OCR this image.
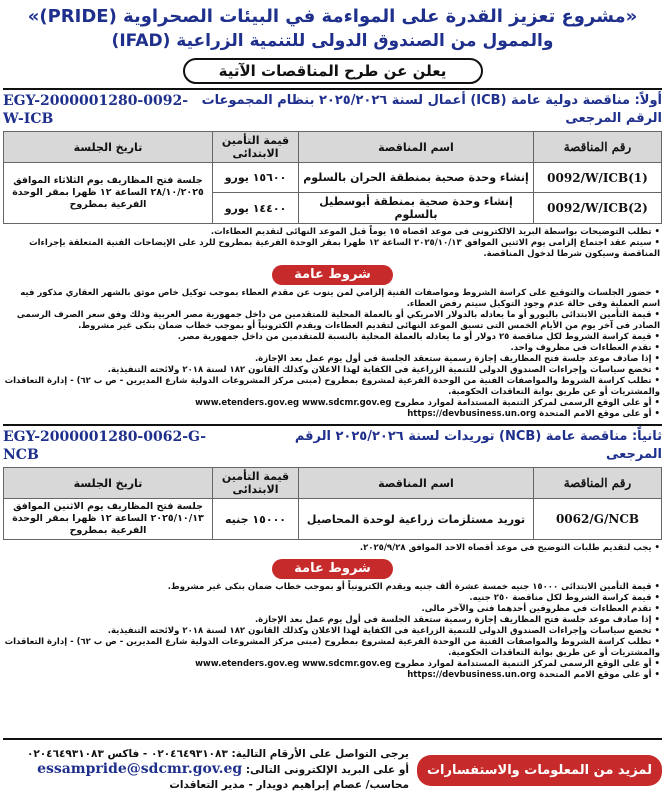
«مشروع تعزيز القدرة على المواءمة في البيئات الصحراوية (PRIDE)»
والممول من الصندوق الدولى للتنمية الزراعية (IFAD)
يعلن عن طرح المناقصات الآتية
أولاً: مناقصة دولية عامة (ICB) أعمال لسنة ٢٠٢٥/٢٠٢٦ بنظام المجموعات الرقم المرجعى
EGY-2000001280-0092-W-ICB
رقم المناقصة	اسم المناقصة	قيمة التأمين الابتدائى	تاريخ الجلسة
0092/W/ICB(1)	إنشاء وحدة صحية بمنطقة الحران بالسلوم	١٥٦٠٠ يورو	جلسة فتح المظاريف يوم الثلاثاء الموافق ٢٨/١٠/٢٠٢٥ الساعة ١٢ ظهرا بمقر الوحدة الفرعية بمطروح
0092/W/ICB(2)	إنشاء وحدة صحية بمنطقة أبوسطيل بالسلوم	١٤٤٠٠ يورو	
• تطلب التوضيحات بواسطة البريد الالكترونى فى موعد اقصاه ١٥ يوماً قبل الموعد النهائى لتقديم العطاءات.
• سيتم عقد اجتماع إلزامى يوم الاثنين الموافق ٢٠٢٥/١٠/١٣ الساعة ١٢ ظهرا بمقر الوحدة الفرعية بمطروح للرد على الإيضاحات الفنية المتعلقة بإجراءات المناقصة وسيكون شرطا لدخول المناقصة.
شروط عامة
• حضور الجلسات والتوقيع على كراسة الشروط ومواصفات الفنية إلزامي لمن ينوب عن مقدم العطاء بموجب توكيل خاص موثق بالشهر العقاري مذكور فيه اسم العملية وفى حالة عدم وجود التوكيل سيتم رفض العطاء.
• قيمة التأمين الابتدائى باليورو أو ما يعادله بالدولار الامريكي أو بالعملة المحلية للمتقدمين من داخل جمهورية مصر العربية وذلك وفق سعر الصرف الرسمى الصادر فى آخر يوم من الأيام الخمس التى تسبق الموعد النهائى لتقديم العطاءات ويقدم الكترونياً أو بموجب خطاب ضمان بنكى غير مشروط.
• قيمة كراسة الشروط لكل مناقصة ٢٥ دولار أو ما يعادله بالعملة المحلية بالنسبة للمتقدمين من داخل جمهورية مصر.
• تقدم العطاءات فى مظروف واحد.
• إذا صادف موعد جلسة فتح المظاريف إجازة رسمية ستعقد الجلسة فى أول يوم عمل بعد الإجازة.
• تخضع سياسات وإجراءات الصندوق الدولى للتنمية الزراعية فى الكفاية لهذا الاعلان وكذلك القانون ١٨٢ لسنة ٢٠١٨ ولائحته التنفيذية.
• تطلب كراسة الشروط والمواصفات الفنية من الوحدة الفرعية لمشروع بمطروح (مبنى مركز المشروعات الدولية شارع المديرين - ص ب ٦٢) - إدارة التعاقدات والمشتريات أو عن طريق بوابة التعاقدات الحكومية.
• أو على الوقع الرسمى لمركز التنمية المستدامة لموارد مطروح www.etenders.gov.eg www.sdcmr.gov.eg
• أو على موقع الامم المتحدة https://devbusiness.un.org
ثانياً: مناقصة عامة (NCB) توريدات لسنة ٢٠٢٥/٢٠٢٦ الرقم المرجعى
EGY-2000001280-0062-G-NCB
رقم المناقصة	اسم المناقصة	قيمة التأمين الابتدائى	تاريخ الجلسة
0062/G/NCB	توريد مستلزمات زراعية لوحدة المحاصيل	١٥٠٠٠ جنيه	جلسة فتح المظاريف يوم الاثنين الموافق ٢٠٢٥/١٠/١٣ الساعة ١٢ ظهرا بمقر الوحدة الفرعية بمطروح
• يجب لتقديم طلبات التوضيح فى موعد أقصاه الاحد الموافق ٢٠٢٥/٩/٢٨.
شروط عامة
• قيمة التأمين الابتدائى ١٥٠٠٠ جنيه خمسة عشرة ألف جنيه ويقدم الكترونياً أو بموجب خطاب ضمان بنكى غير مشروط.
• قيمة كراسة الشروط لكل مناقصة ٢٥٠ جنيه.
• تقدم العطاءات في مظروفين أحدهما فنى والآخر مالى.
• إذا صادف موعد جلسة فتح المظاريف إجازة رسمية ستعقد الجلسة فى أول يوم عمل بعد الإجازة.
• تخضع سياسات وإجراءات الصندوق الدولى للتنمية الزراعية فى الكفاية لهذا الاعلان وكذلك القانون ١٨٢ لسنة ٢٠١٨ ولائحته التنفيذية.
• تطلب كراسة الشروط والمواصفات الفنية من الوحدة الفرعية لمشروع بمطروح (مبنى مركز المشروعات الدولية شارع المديرين - ص ب ٦٢) - إدارة التعاقدات والمشتريات أو عن طريق بوابة التعاقدات الحكومية.
• أو على الوقع الرسمى لمركز التنمية المستدامة لموارد مطروح www.etenders.gov.eg www.sdcmr.gov.eg
• أو على موقع الامم المتحدة https://devbusiness.un.org
لمزيد من المعلومات والاستفسارات
يرجى التواصل على الأرقام التالية: ٠٢٠٤٦٤٩٣١٠٨٣ - فاكس ٠٢٠٤٦٤٩٣١٠٨٣
أو على البريد الإلكترونى التالى: essampride@sdcmr.gov.eg
محاسب/ عصام إبراهيم دويدار - مدير التعاقدات
